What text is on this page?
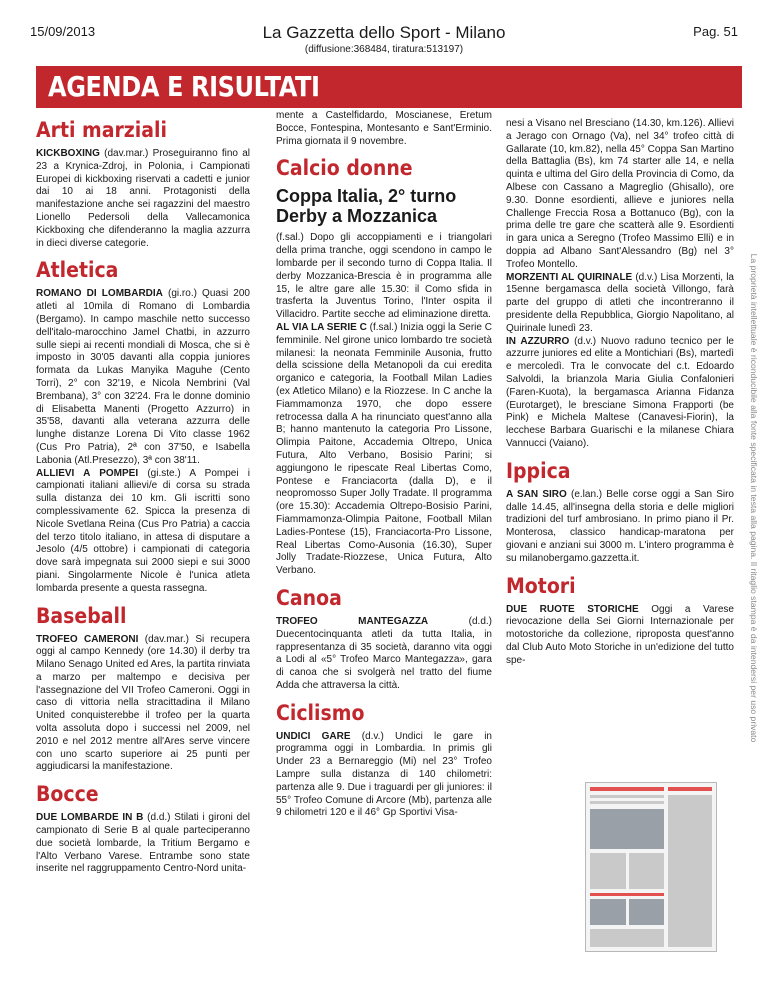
15/09/2013	La Gazzetta dello Sport - Milano	Pag. 51
(diffusione:368484, tiratura:513197)
La proprietà intellettuale è riconducibile alla fonte specificata in testa alla pagina. Il ritaglio stampa è da intendersi per uso privato
AGENDA E RISULTATI
Arti marziali

KICKBOXING (dav.mar.) Proseguiranno fino al 23 a Krynica-Zdroj, in Polonia, i Campionati Europei di kickboxing riservati a cadetti e junior dai 10 ai 18 anni. Protagonisti della manifestazione anche sei ragazzini del maestro Lionello Pedersoli della Vallecamonica Kickboxing che difenderanno la maglia azzurra in dieci diverse categorie.

Atletica

ROMANO DI LOMBARDIA (gi.ro.) Quasi 200 atleti al 10mila di Romano di Lombardia (Bergamo). In campo maschile netto successo dell'italo-marocchino Jamel Chatbi, in azzurro sulle siepi ai recenti mondiali di Mosca, che si è imposto in 30'05 davanti alla coppia juniores formata da Lukas Manyika Maguhe (Cento Torri), 2° con 32'19, e Nicola Nembrini (Val Brembana), 3° con 32'24. Fra le donne dominio di Elisabetta Manenti (Progetto Azzurro) in 35'58, davanti alla veterana azzurra delle lunghe distanze Lorena Di Vito classe 1962 (Cus Pro Patria), 2ª con 37'50, e Isabella Labonia (Atl.Presezzo), 3ª con 38'11.

ALLIEVI A POMPEI (gi.ste.) A Pompei i campionati italiani allievi/e di corsa su strada sulla distanza dei 10 km. Gli iscritti sono complessivamente 62. Spicca la presenza di Nicole Svetlana Reina (Cus Pro Patria) a caccia del terzo titolo italiano, in attesa di disputare a Jesolo (4/5 ottobre) i campionati di categoria dove sarà impegnata sui 2000 siepi e sui 3000 piani. Singolarmente Nicole è l'unica atleta lombarda presente a questa rassegna.

Baseball

TROFEO CAMERONI (dav.mar.) Si recupera oggi al campo Kennedy (ore 14.30) il derby tra Milano Senago United ed Ares, la partita rinviata a marzo per maltempo e decisiva per l'assegnazione del VII Trofeo Cameroni. Oggi in caso di vittoria nella stracittadina il Milano United conquisterebbe il trofeo per la quarta volta assoluta dopo i successi nel 2009, nel 2010 e nel 2012 mentre all'Ares serve vincere con uno scarto superiore ai 25 punti per aggiudicarsi la manifestazione.

Bocce

DUE LOMBARDE IN B (d.d.) Stilati i gironi del campionato di Serie B al quale parteciperanno due società lombarde, la Tritium Bergamo e l'Alto Verbano Varese. Entrambe sono state inserite nel raggruppamento Centro-Nord unita-

mente a Castelfidardo, Moscianese, Eretum Bocce, Fontespina, Montesanto e Sant'Erminio. Prima giornata il 9 novembre.

Calcio donne
Coppa Italia, 2° turno Derby a Mozzanica

(f.sal.) Dopo gli accoppiamenti e i triangolari della prima tranche, oggi scendono in campo le lombarde per il secondo turno di Coppa Italia. Il derby Mozzanica-Brescia è in programma alle 15, le altre gare alle 15.30: il Como sfida in trasferta la Juventus Torino, l'Inter ospita il Villacidro. Partite secche ad eliminazione diretta.

AL VIA LA SERIE C (f.sal.) Inizia oggi la Serie C femminile. Nel girone unico lombardo tre società milanesi: la neonata Femminile Ausonia, frutto della scissione della Metanopoli da cui eredita organico e categoria, la Football Milan Ladies (ex Atletico Milano) e la Riozzese. In C anche la Fiammamonza 1970, che dopo essere retrocessa dalla A ha rinunciato quest'anno alla B; hanno mantenuto la categoria Pro Lissone, Olimpia Paitone, Accademia Oltrepo, Unica Futura, Alto Verbano, Bosisio Parini; si aggiungono le ripescate Real Libertas Como, Pontese e Franciacorta (dalla D), e il neopromosso Super Jolly Tradate. Il programma (ore 15.30): Accademia Oltrepo-Bosisio Parini, Fiammamonza-Olimpia Paitone, Football Milan Ladies-Pontese (15), Franciacorta-Pro Lissone, Real Libertas Como-Ausonia (16.30), Super Jolly Tradate-Riozzese, Unica Futura, Alto Verbano.

Canoa

TROFEO MANTEGAZZA (d.d.) Duecentocinquanta atleti da tutta Italia, in rappresentanza di 35 società, daranno vita oggi a Lodi al «5° Trofeo Marco Mantegazza», gara di canoa che si svolgerà nel tratto del fiume Adda che attraversa la città.

Ciclismo

UNDICI GARE (d.v.) Undici le gare in programma oggi in Lombardia. In primis gli Under 23 a Bernareggio (Mi) nel 23° Trofeo Lampre sulla distanza di 140 chilometri: partenza alle 9. Due i traguardi per gli juniores: il 55° Trofeo Comune di Arcore (Mb), partenza alle 9 chilometri 120 e il 46° Gp Sportivi Visa-

nesi a Visano nel Bresciano (14.30, km.126). Allievi a Jerago con Ornago (Va), nel 34° trofeo città di Gallarate (10, km.82), nella 45° Coppa San Martino della Battaglia (Bs), km 74 starter alle 14, e nella quinta e ultima del Giro della Provincia di Como, da Albese con Cassano a Magreglio (Ghisallo), ore 9.30. Donne esordienti, allieve e juniores nella Challenge Freccia Rosa a Bottanuco (Bg), con la prima delle tre gare che scatterà alle 9. Esordienti in gara unica a Seregno (Trofeo Massimo Elli) e in doppia ad Albano Sant'Alessandro (Bg) nel 3° Trofeo Montello.

MORZENTI AL QUIRINALE (d.v.) Lisa Morzenti, la 15enne bergamasca della società Villongo, farà parte del gruppo di atleti che incontreranno il presidente della Repubblica, Giorgio Napolitano, al Quirinale lunedì 23.

IN AZZURRO (d.v.) Nuovo raduno tecnico per le azzurre juniores ed elite a Montichiari (Bs), martedì e mercoledì. Tra le convocate del c.t. Edoardo Salvoldi, la brianzola Maria Giulia Confalonieri (Faren-Kuota), la bergamasca Arianna Fidanza (Eurotarget), le bresciane Simona Frapporti (be Pink) e Michela Maltese (Canavesi-Fiorin), la lecchese Barbara Guarischi e la milanese Chiara Vannucci (Vaiano).

Ippica

A SAN SIRO (e.lan.) Belle corse oggi a San Siro dalle 14.45, all'insegna della storia e delle migliori tradizioni del turf ambrosiano. In primo piano il Pr. Monterosa, classico handicap-maratona per giovani e anziani sui 3000 m. L'intero programma è su milanobergamo.gazzetta.it.

Motori

DUE RUOTE STORICHE Oggi a Varese rievocazione della Sei Giorni Internazionale per motostoriche da collezione, riproposta quest'anno dal Club Auto Moto Storiche in un'edizione del tutto spe-
